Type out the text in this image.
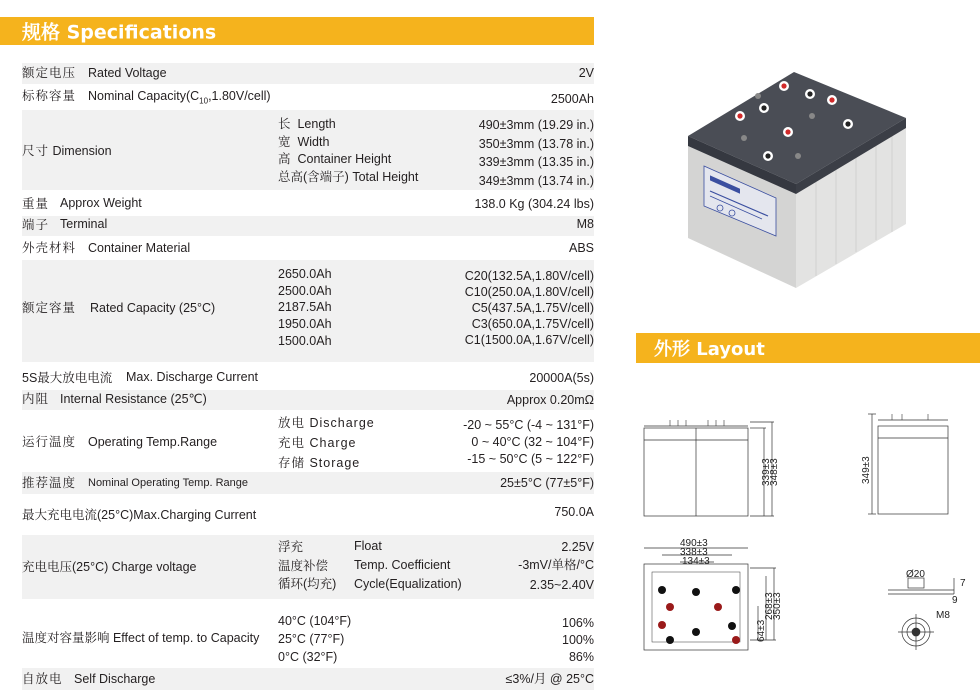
规格 Specifications
额定电压 Rated Voltage	2V
标称容量 Nominal $Capacity(C_{10},1.80V/cell)$	2500Ah
尺寸 Dimension
长 Length	490±3mm (19.29 in.)
宽 Width	350±3mm (13.78 in.)
高 Container Height	339±3mm (13.35 in.)
总高(含端子) Total Height	349±3mm (13.74 in.)
重量 Approx Weight	138.0 Kg (304.24 lbs)
端子 Terminal	M8
外壳材料 Container Material	ABS
额定容量 Rated Capacity (25°C)
2650.0Ah	C20(132.5A,1.80V/cell)
2500.0Ah	C10(250.0A,1.80V/cell)
2187.5Ah	C5(437.5A,1.75V/cell)
1950.0Ah	C3(650.0A,1.75V/cell)
1500.0Ah	C1(1500.0A,1.67V/cell)
5S最大放电电流 Max. Discharge Current	20000A(5s)
内阻 Internal Resistance (25℃)	Approx 0.20mΩ
运行温度 Operating Temp.Range
放电 Discharge	-20 ~ 55°C (-4 ~ 131°F)
充电 Charge	0 ~ 40°C (32 ~ 104°F)
存储 Storage	-15 ~ 50°C (5 ~ 122°F)
推荐温度 Nominal Operating Temp. Range	25±5°C (77±5°F)
最大充电电流(25°C)Max.Charging Current	750.0A
充电电压(25°C) Charge voltage
浮充	Float	2.25V
温度补偿 Temp. Coefficient	-3mV/单格/°C
循环(均充) Cycle(Equalization)	2.35~2.40V
温度对容量影响 Effect of temp. to Capacity
40°C (104°F)	106%
25°C (77°F)	100%
0°C (32°F)	86%
自放电 Self Discharge	≤3%/月 @ 25°C
外形 Layout
339±3
348±3	349±3
490±3
338±3
134±3
64±3
268±3
350±3
Ø20
7
9
M8
